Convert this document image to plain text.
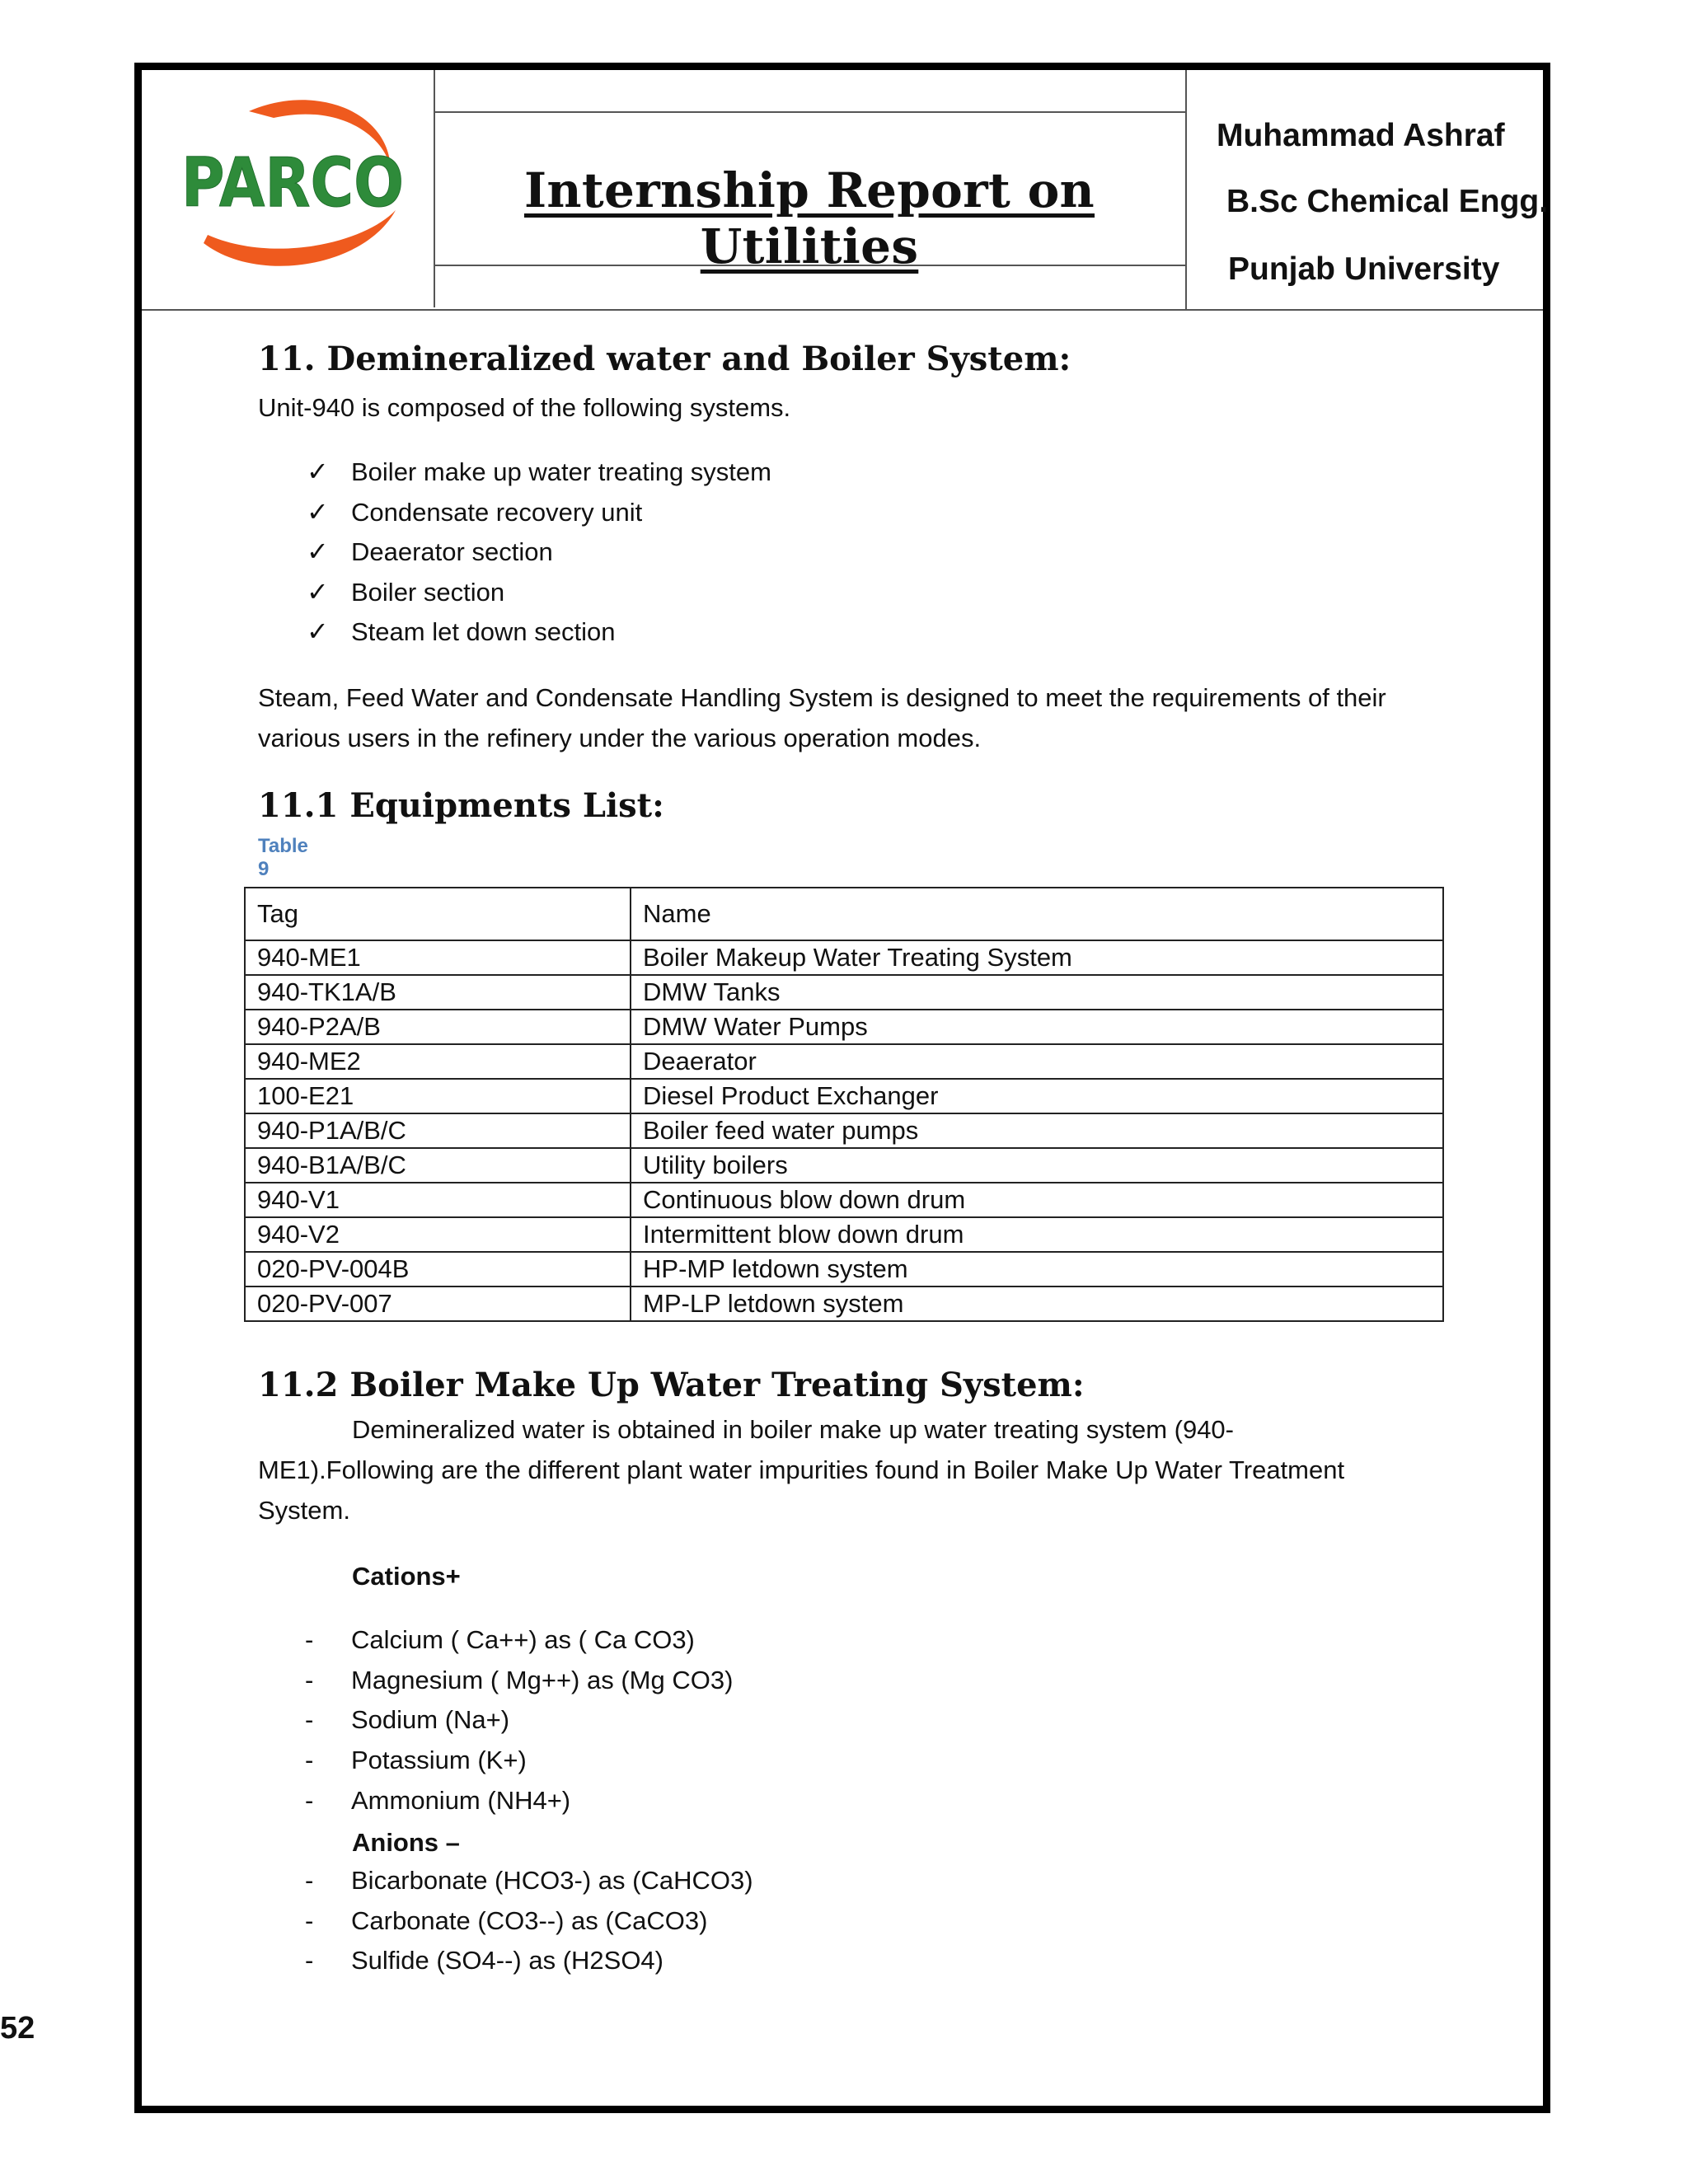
PARCO	Internship Report on Utilities
Muhammad Ashraf
B.Sc Chemical Engg.
Punjab University
11. Demineralized water and Boiler System:
Unit-940 is composed of the following systems.
✓ Boiler make up water treating system
✓ Condensate recovery unit
✓ Deaerator section
✓ Boiler section
✓ Steam let down section
Steam, Feed Water and Condensate Handling System is designed to meet the requirements of their
various users in the refinery under the various operation modes.
11.1 Equipments List:
Table 9
Tag	Name
940-ME1	Boiler Makeup Water Treating System
940-TK1A/B	DMW Tanks
940-P2A/B	DMW Water Pumps
940-ME2	Deaerator
100-E21	Diesel Product Exchanger
940-P1A/B/C	Boiler feed water pumps
940-B1A/B/C	Utility boilers
940-V1	Continuous blow down drum
940-V2	Intermittent blow down drum
020-PV-004B	HP-MP letdown system
020-PV-007	MP-LP letdown system
11.2 Boiler Make Up Water Treating System:
Demineralized water is obtained in boiler make up water treating system (940-
ME1).Following are the different plant water impurities found in Boiler Make Up Water Treatment
System.
Cations+
- Calcium ( Ca++) as ( Ca CO3)
- Magnesium ( Mg++) as (Mg CO3)
- Sodium (Na+)
- Potassium (K+)
- Ammonium (NH4+)
Anions –
- Bicarbonate (HCO3-) as (CaHCO3)
- Carbonate (CO3--) as (CaCO3)
- Sulfide (SO4--) as (H2SO4)
52
